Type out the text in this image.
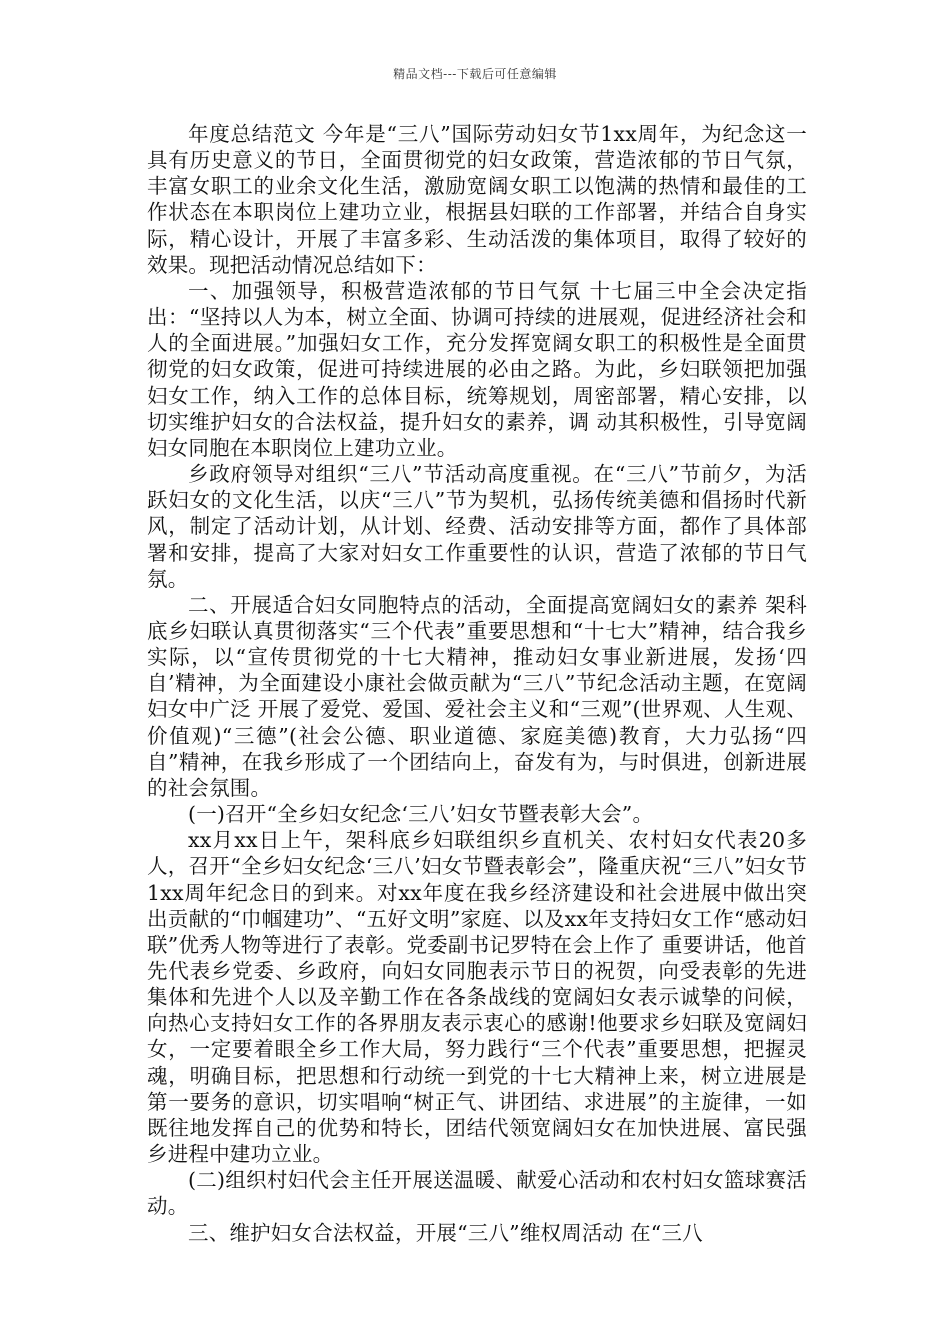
精品文档---下载后可任意编辑

年度总结范文 今年是“三八”国际劳动妇女节1xx周年，为纪念这一具有历史意义的节日，全面贯彻党的妇女政策，营造浓郁的节日气氛，丰富女职工的业余文化生活，激励宽阔女职工以饱满的热情和最佳的工作状态在本职岗位上建功立业，根据县妇联的工作部署，并结合自身实际，精心设计，开展了丰富多彩、生动活泼的集体项目，取得了较好的效果。现把活动情况总结如下：

一、加强领导，积极营造浓郁的节日气氛 十七届三中全会决定指出：“坚持以人为本，树立全面、协调可持续的进展观，促进经济社会和人的全面进展。”加强妇女工作，充分发挥宽阔女职工的积极性是全面贯彻党的妇女政策，促进可持续进展的必由之路。为此，乡妇联领把加强妇女工作，纳入工作的总体目标，统筹规划，周密部署，精心安排，以切实维护妇女的合法权益，提升妇女的素养，调 动其积极性，引导宽阔妇女同胞在本职岗位上建功立业。

乡政府领导对组织“三八”节活动高度重视。在“三八”节前夕，为活跃妇女的文化生活，以庆“三八”节为契机，弘扬传统美德和倡扬时代新风，制定了活动计划，从计划、经费、活动安排等方面，都作了具体部署和安排，提高了大家对妇女工作重要性的认识，营造了浓郁的节日气氛。

二、开展适合妇女同胞特点的活动，全面提高宽阔妇女的素养 架科底乡妇联认真贯彻落实“三个代表”重要思想和“十七大”精神，结合我乡实际，以“宣传贯彻党的十七大精神，推动妇女事业新进展，发扬‘四自’精神，为全面建设小康社会做贡献为“三八”节纪念活动主题，在宽阔妇女中广泛 开展了爱党、爱国、爱社会主义和“三观”(世界观、人生观、价值观)“三德”(社会公德、职业道德、家庭美德)教育，大力弘扬“四自”精神，在我乡形成了一个团结向上，奋发有为，与时俱进，创新进展的社会氛围。

(一)召开“全乡妇女纪念‘三八’妇女节暨表彰大会”。

xx月xx日上午，架科底乡妇联组织乡直机关、农村妇女代表20多人，召开“全乡妇女纪念‘三八’妇女节暨表彰会”，隆重庆祝“三八”妇女节1xx周年纪念日的到来。对xx年度在我乡经济建设和社会进展中做出突出贡献的“巾帼建功”、“五好文明”家庭、以及xx年支持妇女工作“感动妇联”优秀人物等进行了表彰。党委副书记罗特在会上作了 重要讲话，他首先代表乡党委、乡政府，向妇女同胞表示节日的祝贺，向受表彰的先进集体和先进个人以及辛勤工作在各条战线的宽阔妇女表示诚挚的问候，向热心支持妇女工作的各界朋友表示衷心的感谢!他要求乡妇联及宽阔妇女，一定要着眼全乡工作大局，努力践行“三个代表”重要思想，把握灵魂，明确目标，把思想和行动统一到党的十七大精神上来，树立进展是第一要务的意识，切实唱响“树正气、讲团结、求进展”的主旋律，一如既往地发挥自己的优势和特长，团结代领宽阔妇女在加快进展、富民强乡进程中建功立业。

(二)组织村妇代会主任开展送温暖、献爱心活动和农村妇女篮球赛活动。

三、维护妇女合法权益，开展“三八”维权周活动 在“三八
